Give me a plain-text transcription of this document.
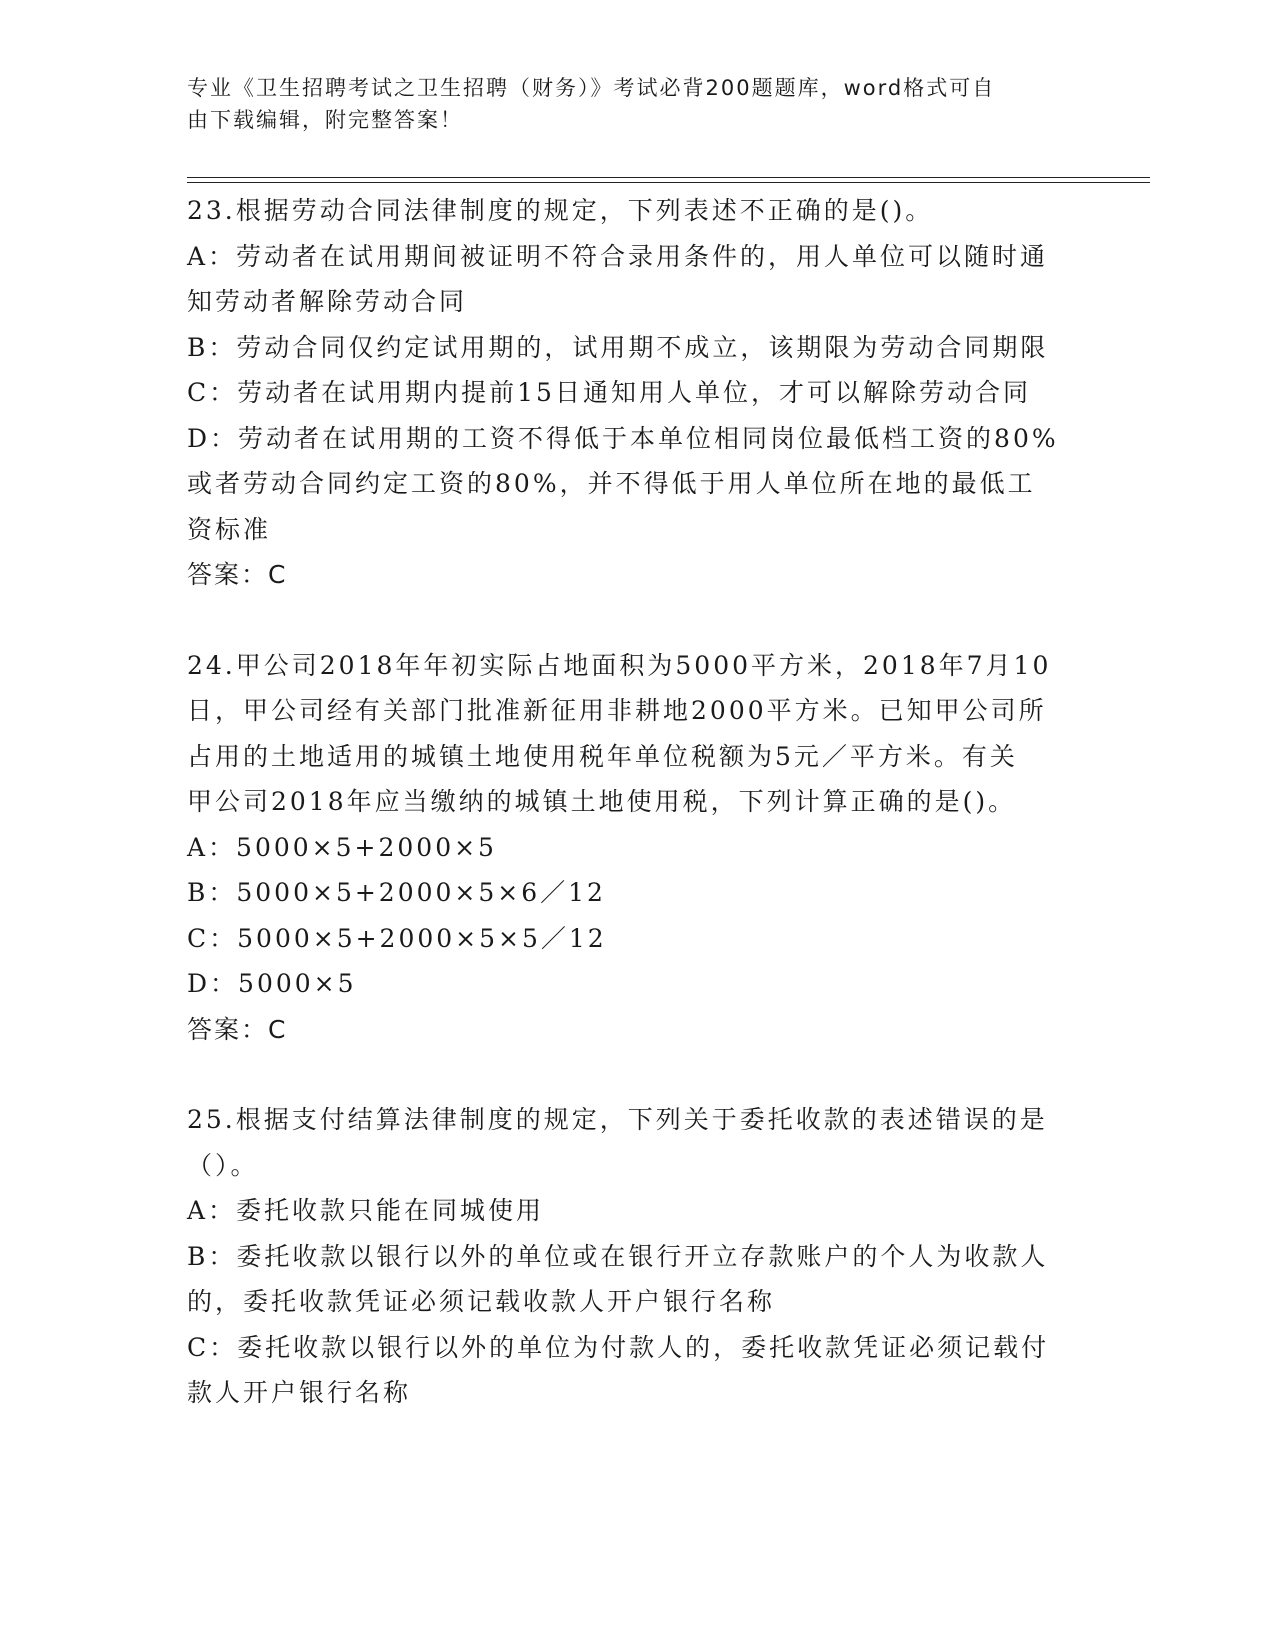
专业《卫生招聘考试之卫生招聘（财务）》考试必背200题题库，word格式可自
由下载编辑，附完整答案！
23.根据劳动合同法律制度的规定，下列表述不正确的是()。
A：劳动者在试用期间被证明不符合录用条件的，用人单位可以随时通
知劳动者解除劳动合同
B：劳动合同仅约定试用期的，试用期不成立，该期限为劳动合同期限
C：劳动者在试用期内提前15日通知用人单位，才可以解除劳动合同
D：劳动者在试用期的工资不得低于本单位相同岗位最低档工资的80%
或者劳动合同约定工资的80%，并不得低于用人单位所在地的最低工
资标准
答案：C
24.甲公司2018年年初实际占地面积为5000平方米，2018年7月10
日，甲公司经有关部门批准新征用非耕地2000平方米。已知甲公司所
占用的土地适用的城镇土地使用税年单位税额为5元／平方米。有关
甲公司2018年应当缴纳的城镇土地使用税，下列计算正确的是()。
A：5000×5+2000×5
B：5000×5+2000×5×6／12
C：5000×5+2000×5×5／12
D：5000×5
答案：C
25.根据支付结算法律制度的规定，下列关于委托收款的表述错误的是
（）。
A：委托收款只能在同城使用
B：委托收款以银行以外的单位或在银行开立存款账户的个人为收款人
的，委托收款凭证必须记载收款人开户银行名称
C：委托收款以银行以外的单位为付款人的，委托收款凭证必须记载付
款人开户银行名称
